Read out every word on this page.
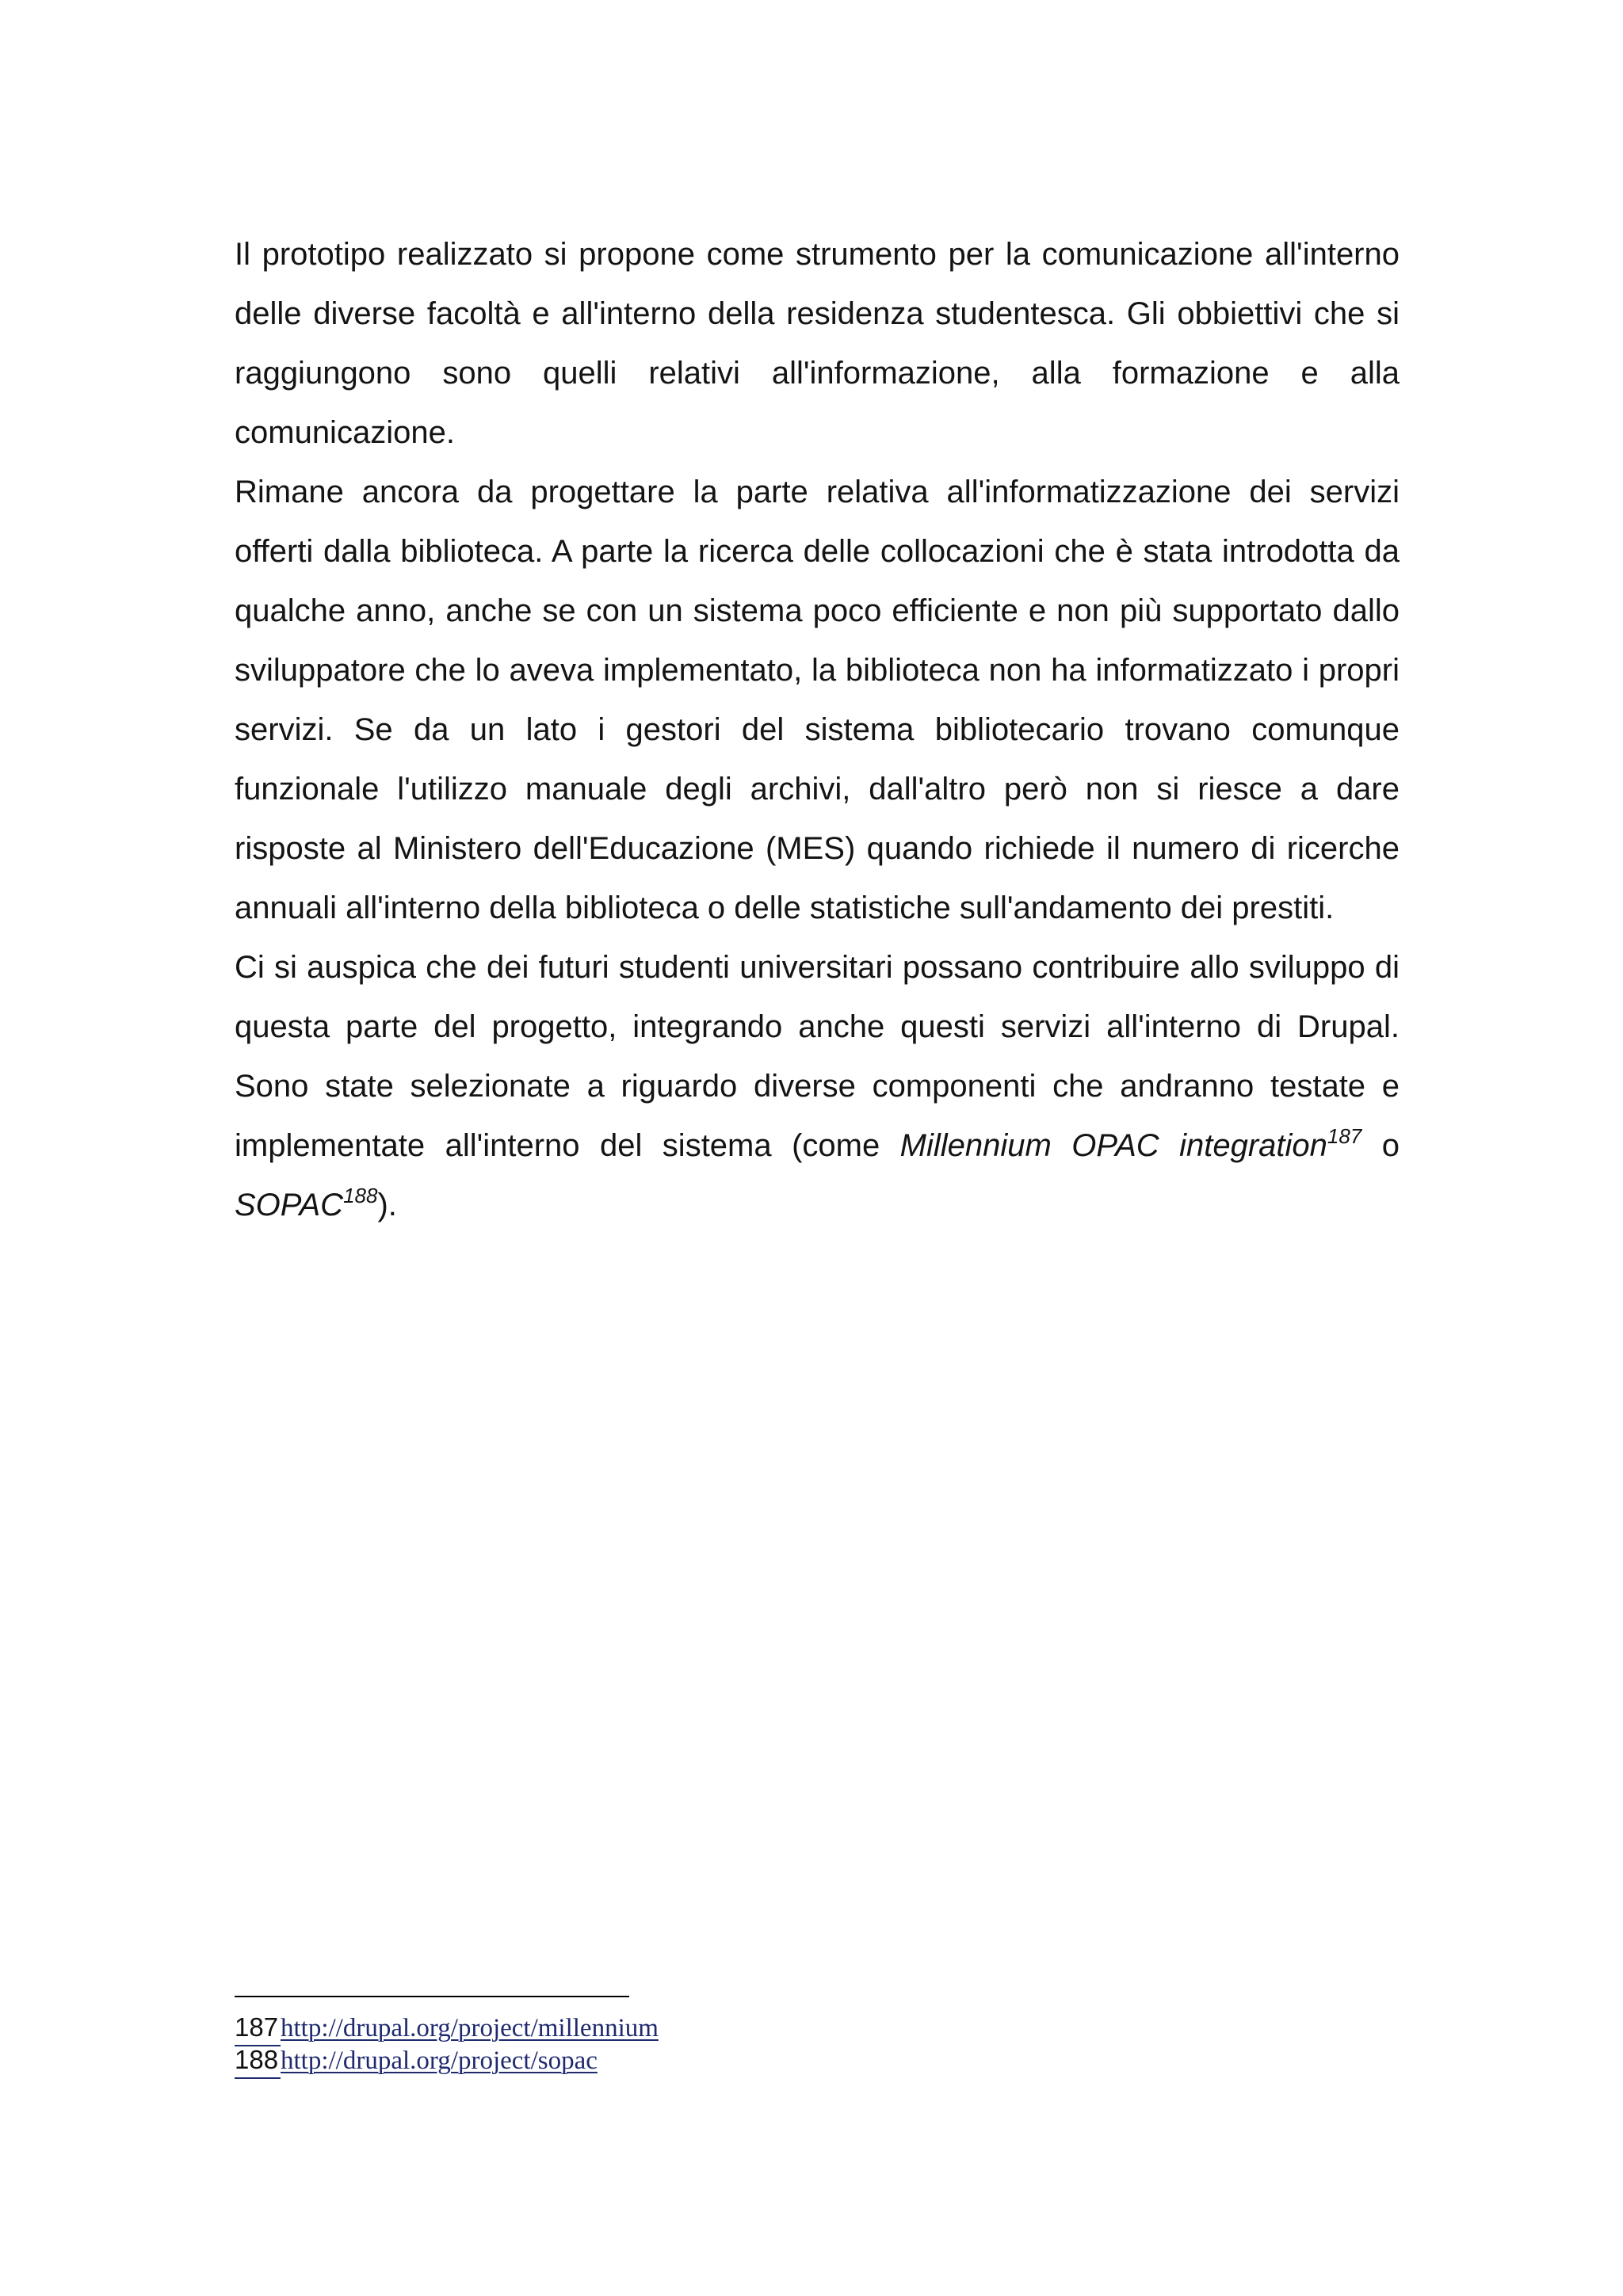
Il prototipo realizzato si propone come strumento per la comunicazione all'interno delle diverse facoltà e all'interno della residenza studentesca. Gli obbiettivi che si raggiungono sono quelli relativi all'informazione, alla formazione e alla comunicazione.

Rimane ancora da progettare la parte relativa all'informatizzazione dei servizi offerti dalla biblioteca. A parte la ricerca delle collocazioni che è stata introdotta da qualche anno, anche se con un sistema poco efficiente e non più supportato dallo sviluppatore che lo aveva implementato, la biblioteca non ha informatizzato i propri servizi. Se da un lato i gestori del sistema bibliotecario trovano comunque funzionale l'utilizzo manuale degli archivi, dall'altro però non si riesce a dare risposte al Ministero dell'Educazione (MES) quando richiede il numero di ricerche annuali all'interno della biblioteca o delle statistiche sull'andamento dei prestiti.

Ci si auspica che dei futuri studenti universitari possano contribuire allo sviluppo di questa parte del progetto, integrando anche questi servizi all'interno di Drupal. Sono state selezionate a riguardo diverse componenti che andranno testate e implementate all'interno del sistema (come Millennium OPAC integration$^{187}$ o SOPAC$^{188}$).

187 http://drupal.org/project/millennium
188 http://drupal.org/project/sopac
